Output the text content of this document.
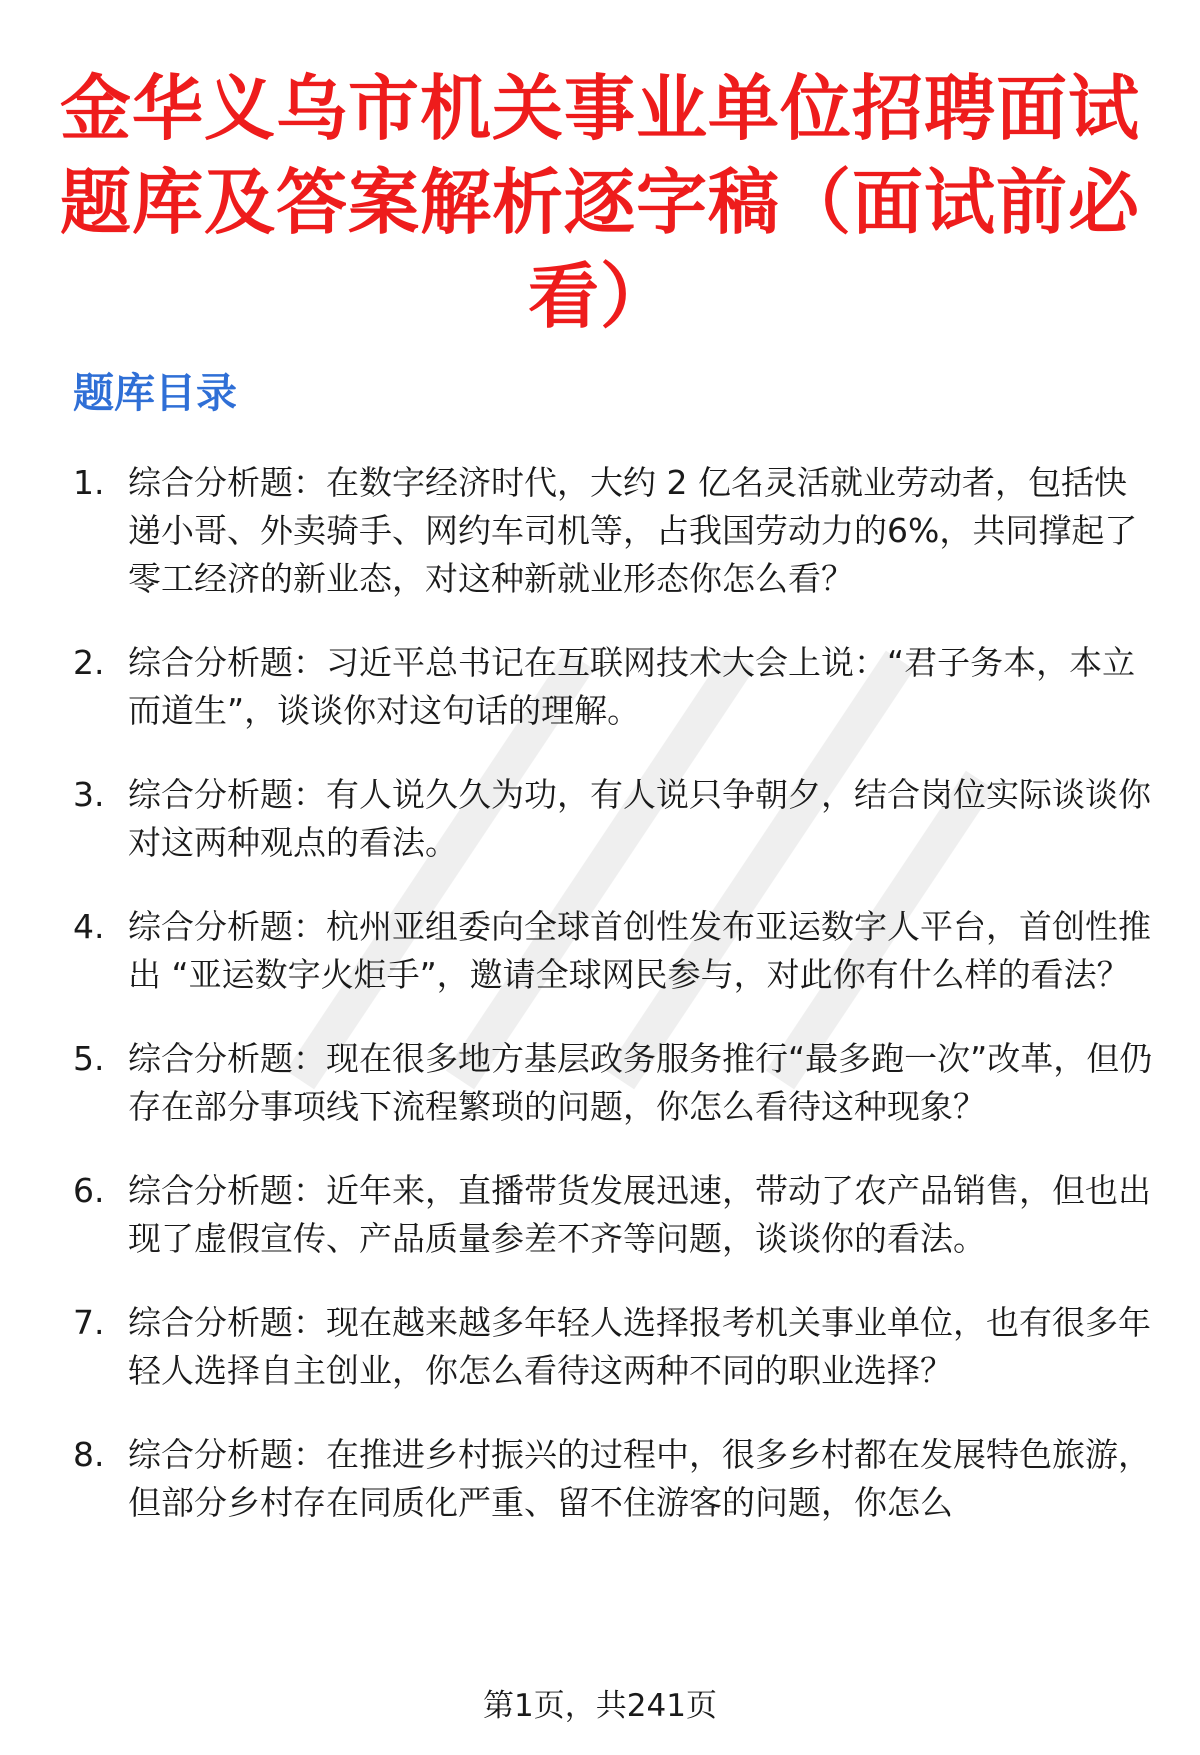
金华义乌市机关事业单位招聘面试题库及答案解析逐字稿（面试前必看）
题库目录
1. 综合分析题：在数字经济时代，大约 2 亿名灵活就业劳动者，包括快递小哥、外卖骑手、网约车司机等，占我国劳动力的6%，共同撑起了零工经济的新业态，对这种新就业形态你怎么看？
2. 综合分析题：习近平总书记在互联网技术大会上说：“君子务本，本立而道生”，谈谈你对这句话的理解。
3. 综合分析题：有人说久久为功，有人说只争朝夕，结合岗位实际谈谈你对这两种观点的看法。
4. 综合分析题：杭州亚组委向全球首创性发布亚运数字人平台，首创性推出 “亚运数字火炬手”，邀请全球网民参与，对此你有什么样的看法？
5. 综合分析题：现在很多地方基层政务服务推行“最多跑一次”改革，但仍存在部分事项线下流程繁琐的问题，你怎么看待这种现象？
6. 综合分析题：近年来，直播带货发展迅速，带动了农产品销售，但也出现了虚假宣传、产品质量参差不齐等问题，谈谈你的看法。
7. 综合分析题：现在越来越多年轻人选择报考机关事业单位，也有很多年轻人选择自主创业，你怎么看待这两种不同的职业选择？
8. 综合分析题：在推进乡村振兴的过程中，很多乡村都在发展特色旅游，但部分乡村存在同质化严重、留不住游客的问题，你怎么
第1页，共241页
